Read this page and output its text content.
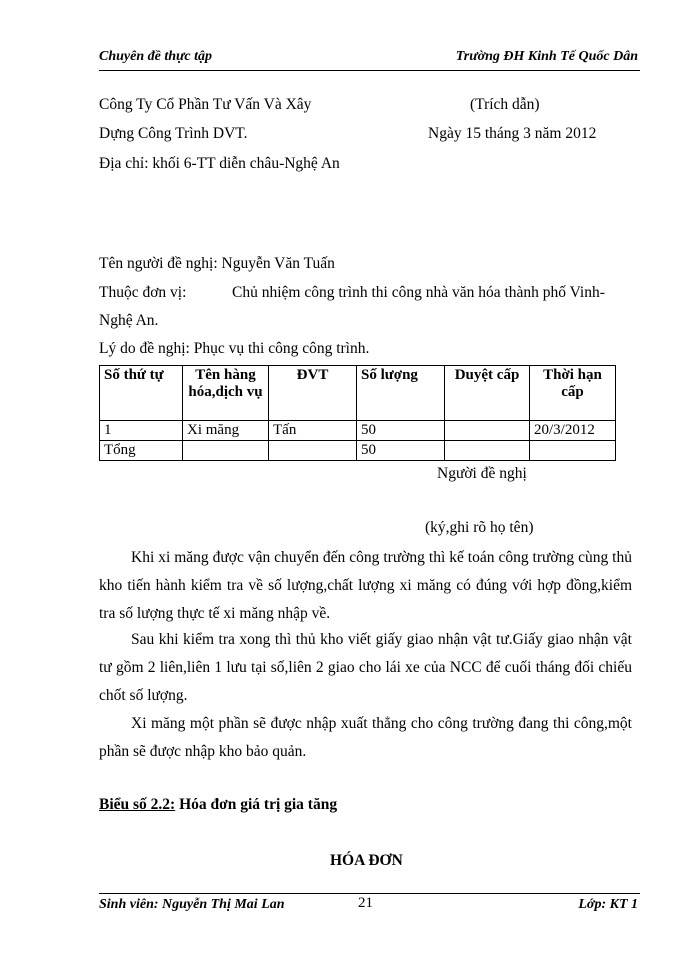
Chuyên đề thực tập	Trường ĐH Kinh Tế Quốc Dân
Công Ty Cổ Phần Tư Vấn Và Xây	(Trích dẫn)
Dựng Công Trình DVT.	Ngày 15 tháng 3 năm 2012
Địa chỉ: khối 6-TT diễn châu-Nghệ An
Tên người đề nghị: Nguyễn Văn Tuấn
Thuộc đơn vị:	Chủ nhiệm công trình thi công nhà văn hóa thành phố Vinh-
Nghệ An.
Lý do đề nghị: Phục vụ thi công công trình.
Số thứ tự	Tên hàng hóa,dịch vụ	ĐVT	Số lượng	Duyệt cấp	Thời hạn cấp
1	Xi măng	Tấn	50		20/3/2012
Tổng			50		
Người đề nghị
(ký,ghi rõ họ tên)
Khi xi măng được vận chuyển đến công trường thì kế toán công trường cùng thủ kho tiến hành kiểm tra về số lượng,chất lượng xi măng có đúng với hợp đồng,kiểm tra số lượng thực tế xi măng nhập về.
Sau khi kiểm tra xong thì thủ kho viết giấy giao nhận vật tư.Giấy giao nhận vật tư gồm 2 liên,liên 1 lưu tại số,liên 2 giao cho lái xe của NCC để cuối tháng đối chiếu chốt số lượng.
Xi măng một phần sẽ được nhập xuất thẳng cho công trường đang thi công,một phần sẽ được nhập kho bảo quản.
Biểu số 2.2: Hóa đơn giá trị gia tăng
HÓA ĐƠN
Sinh viên: Nguyễn Thị Mai Lan	21	Lớp: KT 1
